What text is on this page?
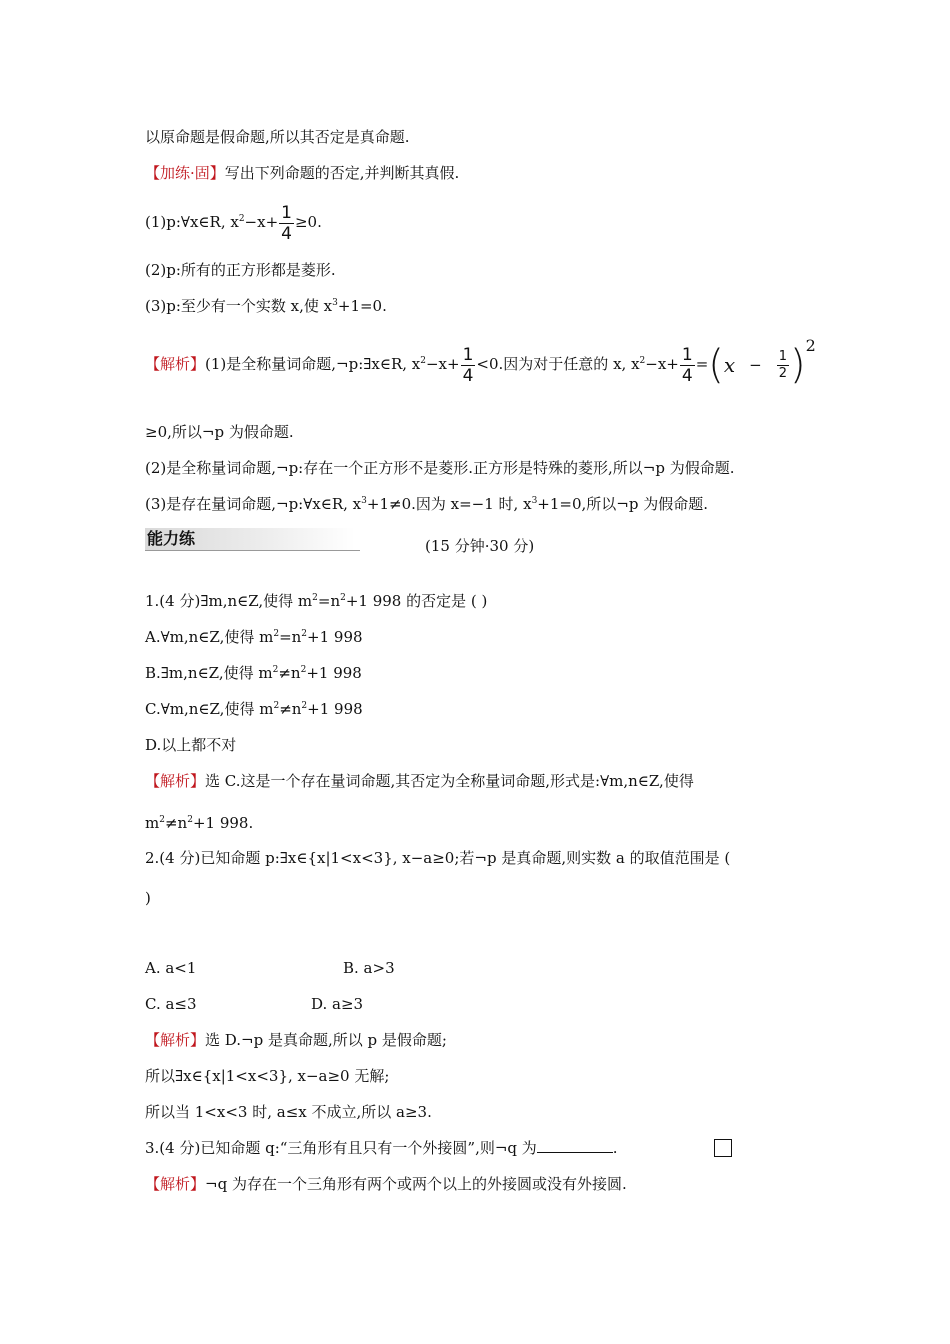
以原命题是假命题,所以其否定是真命题.
【加练·固】写出下列命题的否定,并判断其真假.
(1)p:∀x∈R, $x^2-x+ \frac{1}{4} \ge 0$.
(2)p:所有的正方形都是菱形.
(3)p:至少有一个实数 x,使 $x^3+1=0$.
【解析】(1)是全称量词命题,¬p:∃x∈R, $x^2-x+ \frac{1}{4} <0$.因为对于任意的 x, $x^2-x+ \frac{1}{4} =(x - \frac{1}{2} )^2$
≥0,所以¬p 为假命题.
(2)是全称量词命题,¬p:存在一个正方形不是菱形.正方形是特殊的菱形,所以¬p 为假命题.
(3)是存在量词命题,¬p:∀x∈R, $x^3+1\ne 0$.因为 x=−1 时, $x^3+1=0$,所以¬p 为假命题.
能力练	(15 分钟·30 分)
1.(4 分)∃m,n∈Z,使得 $m^2=n^2+1$ 998 的否定是 ( )
A.∀m,n∈Z,使得 $m^2=n^2+1$ 998
B.∃m,n∈Z,使得 $m^2\ne n^2+1$ 998
C.∀m,n∈Z,使得 $m^2\ne n^2+1$ 998
D.以上都不对
【解析】选 C.这是一个存在量词命题,其否定为全称量词命题,形式是:∀m,n∈Z,使得
$m^2\ne n^2+1$ 998.
2.(4 分)已知命题 p:∃x∈{x|1<x<3}, x−a≥0;若¬p 是真命题,则实数 a 的取值范围是 (
)
A. a<1	B. a>3
C. a≤3	D. a≥3
【解析】选 D.¬p 是真命题,所以 p 是假命题;
所以∃x∈{x|1<x<3}, x−a≥0 无解;
所以当 1<x<3 时, a≤x 不成立,所以 a≥3.
3.(4 分)已知命题 q:“三角形有且只有一个外接圆”,则¬q 为	.
【解析】¬q 为存在一个三角形有两个或两个以上的外接圆或没有外接圆.
